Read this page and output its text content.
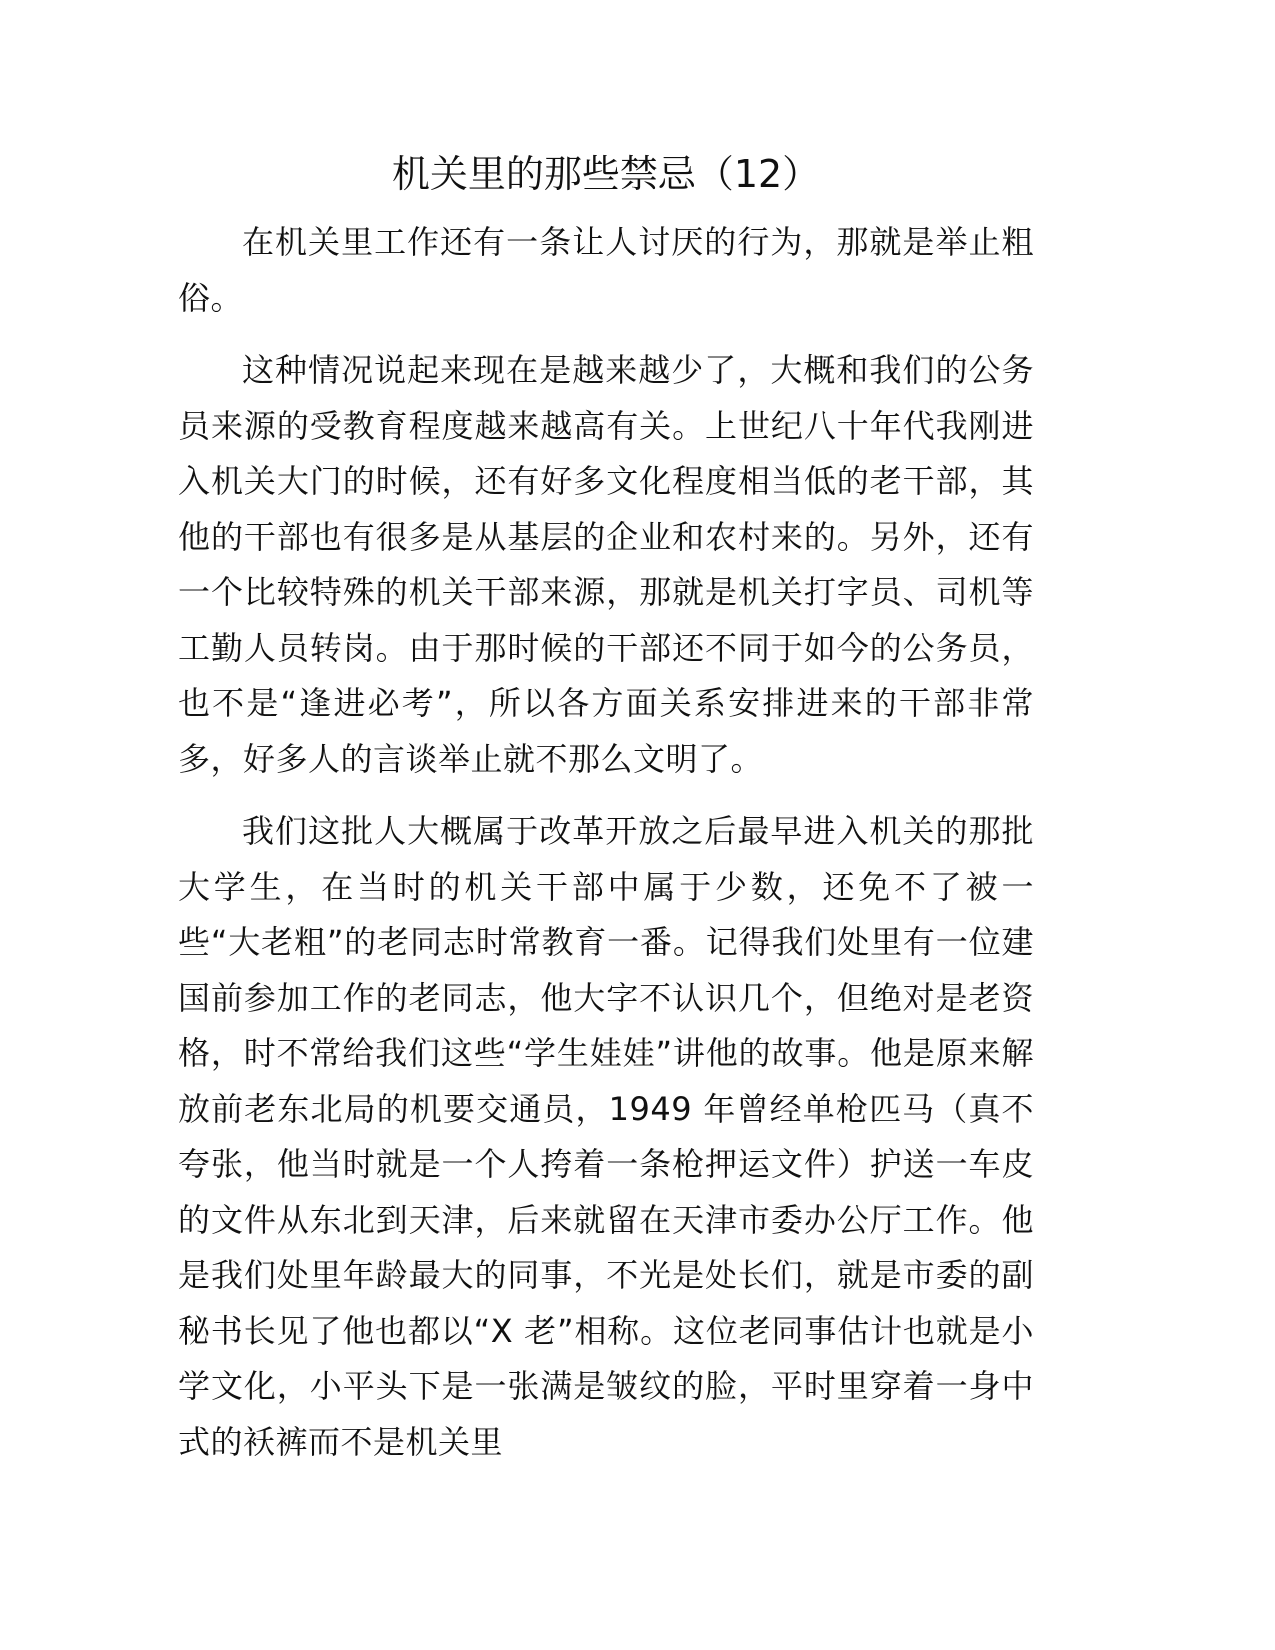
机关里的那些禁忌（12）

在机关里工作还有一条让人讨厌的行为，那就是举止粗俗。

这种情况说起来现在是越来越少了，大概和我们的公务员来源的受教育程度越来越高有关。上世纪八十年代我刚进入机关大门的时候，还有好多文化程度相当低的老干部，其他的干部也有很多是从基层的企业和农村来的。另外，还有一个比较特殊的机关干部来源，那就是机关打字员、司机等工勤人员转岗。由于那时候的干部还不同于如今的公务员，也不是“逢进必考”，所以各方面关系安排进来的干部非常多，好多人的言谈举止就不那么文明了。

我们这批人大概属于改革开放之后最早进入机关的那批大学生，在当时的机关干部中属于少数，还免不了被一些“大老粗”的老同志时常教育一番。记得我们处里有一位建国前参加工作的老同志，他大字不认识几个，但绝对是老资格，时不常给我们这些“学生娃娃”讲他的故事。他是原来解放前老东北局的机要交通员，1949 年曾经单枪匹马（真不夸张，他当时就是一个人挎着一条枪押运文件）护送一车皮的文件从东北到天津，后来就留在天津市委办公厅工作。他是我们处里年龄最大的同事，不光是处长们，就是市委的副秘书长见了他也都以“X 老”相称。这位老同事估计也就是小学文化，小平头下是一张满是皱纹的脸，平时里穿着一身中式的袄裤而不是机关里
